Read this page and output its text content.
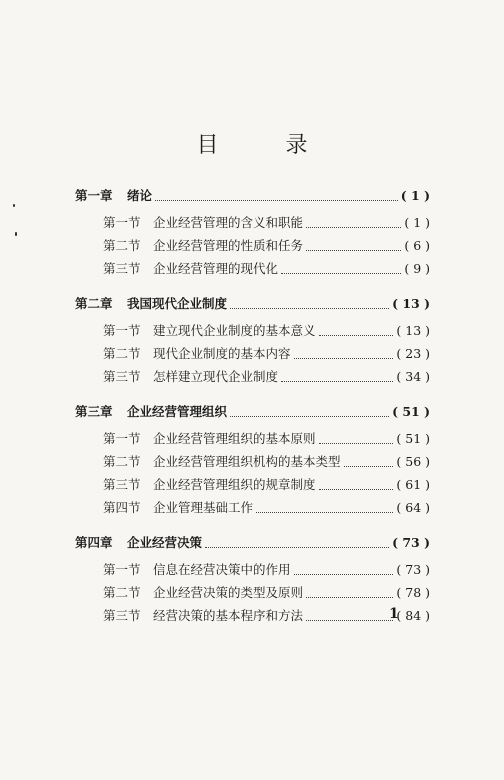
目 录
第一章	绪论	( 1 )
第一节 企业经营管理的含义和职能	( 1 )
第二节 企业经营管理的性质和任务	( 6 )
第三节 企业经营管理的现代化	( 9 )
第二章	我国现代企业制度	( 13 )
第一节 建立现代企业制度的基本意义	( 13 )
第二节 现代企业制度的基本内容	( 23 )
第三节 怎样建立现代企业制度	( 34 )
第三章	企业经营管理组织	( 51 )
第一节 企业经营管理组织的基本原则	( 51 )
第二节 企业经营管理组织机构的基本类型	( 56 )
第三节 企业经营管理组织的规章制度	( 61 )
第四节 企业管理基础工作	( 64 )
第四章	企业经营决策	( 73 )
第一节 信息在经营决策中的作用	( 73 )
第二节 企业经营决策的类型及原则	( 78 )
第三节 经营决策的基本程序和方法	( 84 )
1
